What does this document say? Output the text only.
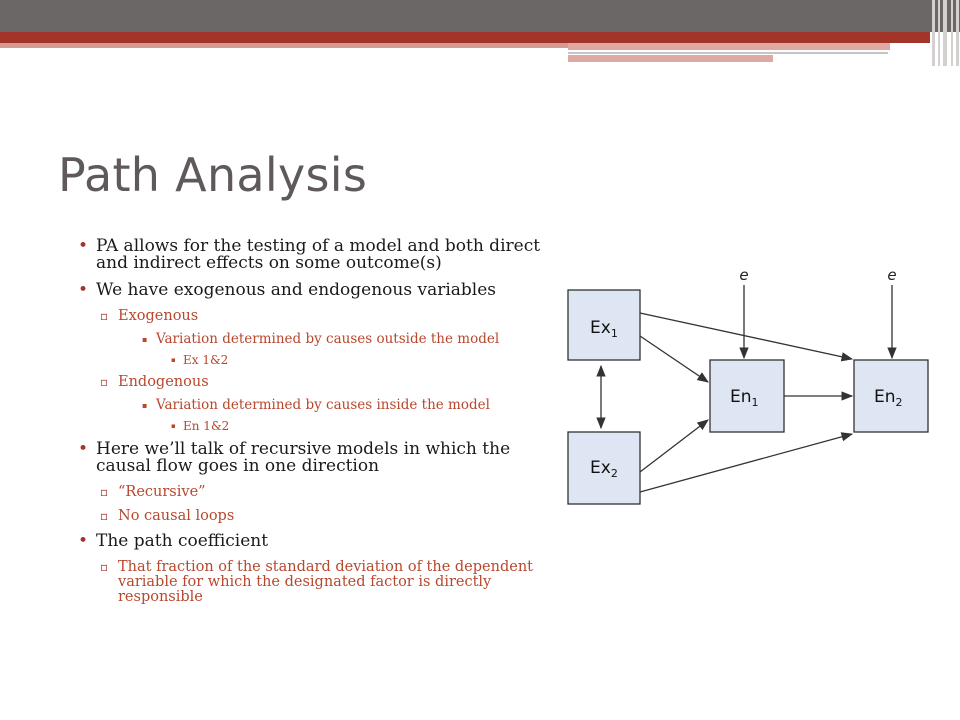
Path Analysis
• PA allows for the testing of a model and both direct and indirect effects on some outcome(s)
• We have exogenous and endogenous variables
▫ Exogenous
▪ Variation determined by causes outside the model
▪ Ex 1&2
▫ Endogenous
▪ Variation determined by causes inside the model
▪ En 1&2
• Here we’ll talk of recursive models in which the causal flow goes in one direction
▫ “Recursive”
▫ No causal loops
• The path coefficient
▫ That fraction of the standard deviation of the dependent variable for which the designated factor is directly responsible
$Ex_1$
$Ex_2$
$En_1$	$En_2$
e	e
